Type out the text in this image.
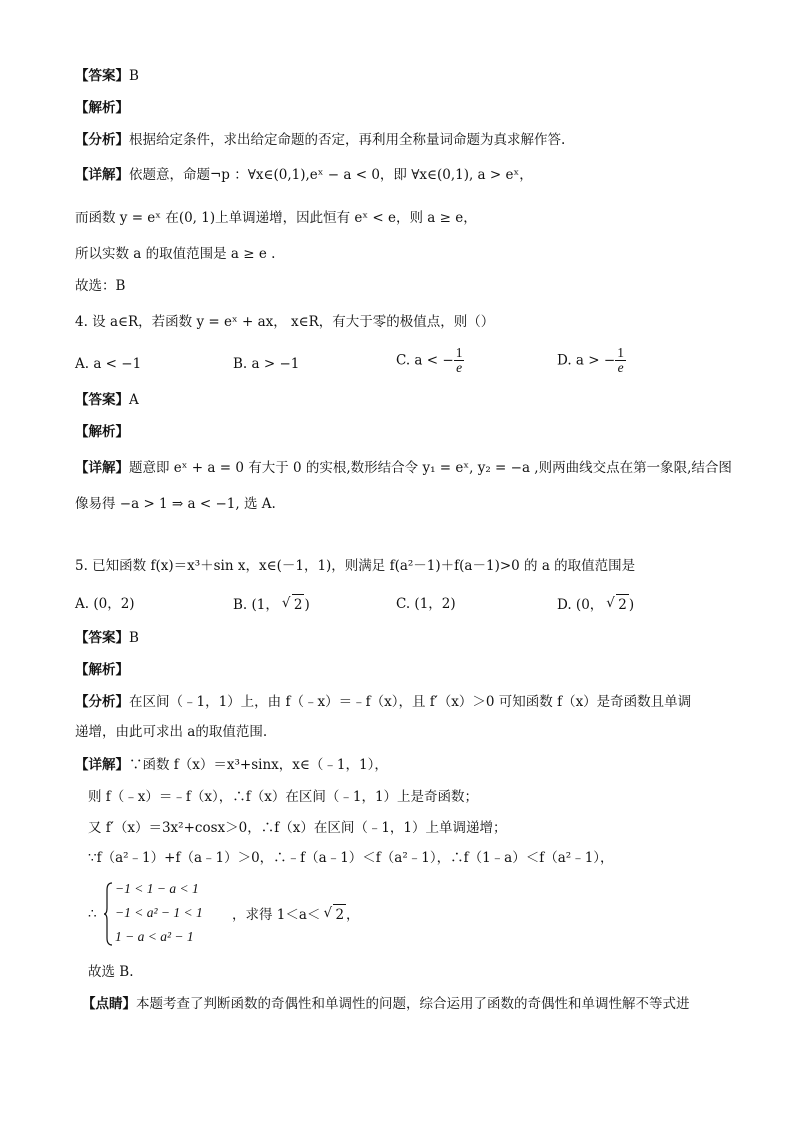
【答案】B
【解析】
【分析】根据给定条件，求出给定命题的否定，再利用全称量词命题为真求解作答.
【详解】依题意，命题¬p ：∀x∈(0,1),eˣ − a < 0，即 ∀x∈(0,1), a > eˣ，
而函数 y = eˣ 在(0, 1)上单调递增，因此恒有 eˣ < e，则 a ≥ e，
所以实数 a 的取值范围是 a ≥ e .
故选：B
4. 设 a∈R，若函数 y = eˣ + ax， x∈R，有大于零的极值点，则（）
A. a < −1	B. a > −1	C. a < − $\frac{1}{e}$	D. a > − $\frac{1}{e}$
【答案】A
【解析】
【详解】题意即 eˣ + a = 0 有大于 0 的实根,数形结合令 y₁ = eˣ, y₂ = −a ,则两曲线交点在第一象限,结合图
像易得 −a > 1 ⇒ a < −1, 选 A.
5. 已知函数 f(x)＝x³＋sin x，x∈(－1，1)，则满足 f(a²－1)＋f(a－1)>0 的 a 的取值范围是
A. (0，2)	B. (1， √ 2 )	C. (1，2)	D. (0， √ 2 )
【答案】B
【解析】
【分析】在区间（﹣1，1）上，由 f（﹣x）＝﹣f（x），且 f′（x）＞0 可知函数 f（x）是奇函数且单调
递增，由此可求出 a的取值范围.
【详解】∵函数 f（x）＝x³+sinx，x∈（﹣1，1），
则 f（﹣x）＝﹣f（x），∴f（x）在区间（﹣1，1）上是奇函数；
又 f′（x）＝3x²+cosx＞0，∴f（x）在区间（﹣1，1）上单调递增；
∵f（a²﹣1）+f（a﹣1）＞0，∴﹣f（a﹣1）＜f（a²﹣1），∴f（1﹣a）＜f（a²﹣1），
∴
−1 < 1 − a < 1
−1 < a² − 1 < 1
1 − a < a² − 1
，求得 1＜a＜ √ 2 ，
故选 B.
【点睛】本题考查了判断函数的奇偶性和单调性的问题，综合运用了函数的奇偶性和单调性解不等式进
